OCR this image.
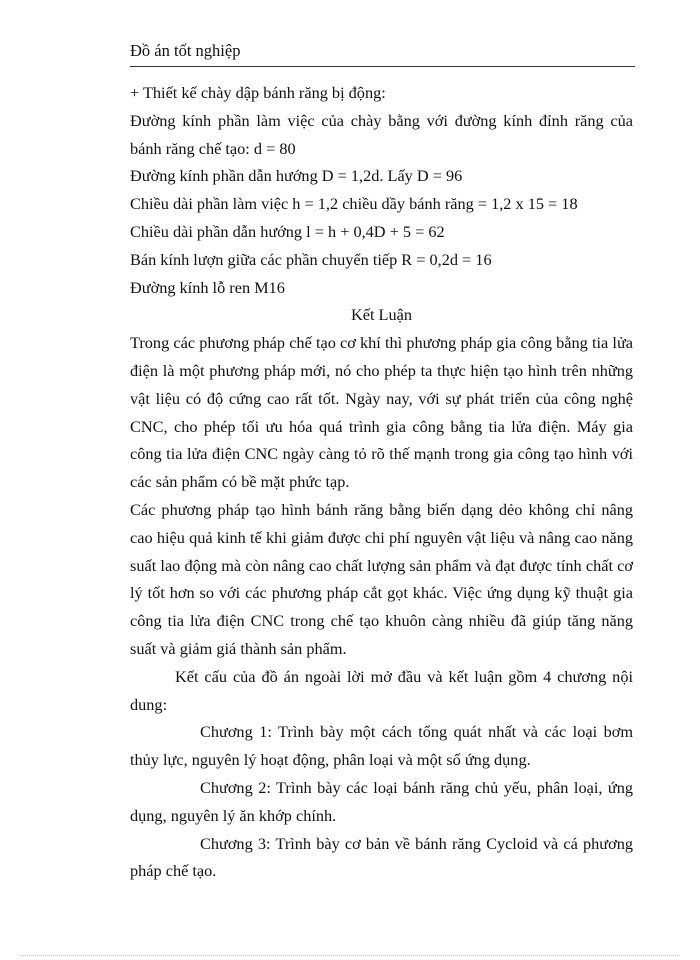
Đồ án tốt nghiệp

+ Thiết kế chày dập bánh răng bị động:

Đường kính phần làm việc của chày bằng với đường kính đỉnh răng của bánh răng chế tạo: d = 80

Đường kính phần dẫn hướng D = 1,2d. Lấy D = 96

Chiều dài phần làm việc h = 1,2 chiều dầy bánh răng = 1,2 x 15 = 18

Chiều dài phần dẫn hướng l = h + 0,4D + 5 = 62

Bán kính lượn giữa các phần chuyển tiếp R = 0,2d = 16

Đường kính lỗ ren M16

Kết Luận

Trong các phương pháp chế tạo cơ khí thì phương pháp gia công bằng tia lửa điện là một phương pháp mới, nó cho phép ta thực hiện tạo hình trên những vật liệu có độ cứng cao rất tốt. Ngày nay, với sự phát triển của công nghệ CNC, cho phép tối ưu hóa quá trình gia công bằng tia lửa điện. Máy gia công tia lửa điện CNC ngày càng tỏ rõ thế mạnh trong gia công tạo hình với các sản phẩm có bề mặt phức tạp.

Các phương pháp tạo hình bánh răng bằng biến dạng dẻo không chỉ nâng cao hiệu quả kinh tế khi giảm được chi phí nguyên vật liệu và nâng cao năng suất lao động mà còn nâng cao chất lượng sản phẩm và đạt được tính chất cơ lý tốt hơn so với các phương pháp cắt gọt khác. Việc ứng dụng kỹ thuật gia công tia lửa điện CNC trong chế tạo khuôn càng nhiều đã giúp tăng năng suất và giảm giá thành sản phẩm.

Kết cấu của đồ án ngoài lời mở đầu và kết luận gồm 4 chương nội dung:

Chương 1: Trình bày một cách tổng quát nhất và các loại bơm thủy lực, nguyên lý hoạt động, phân loại và một số ứng dụng.

Chương 2: Trình bày các loại bánh răng chủ yếu, phân loại, ứng dụng, nguyên lý ăn khớp chính.

Chương 3: Trình bày cơ bản về bánh răng Cycloid và cá phương pháp chế tạo.
